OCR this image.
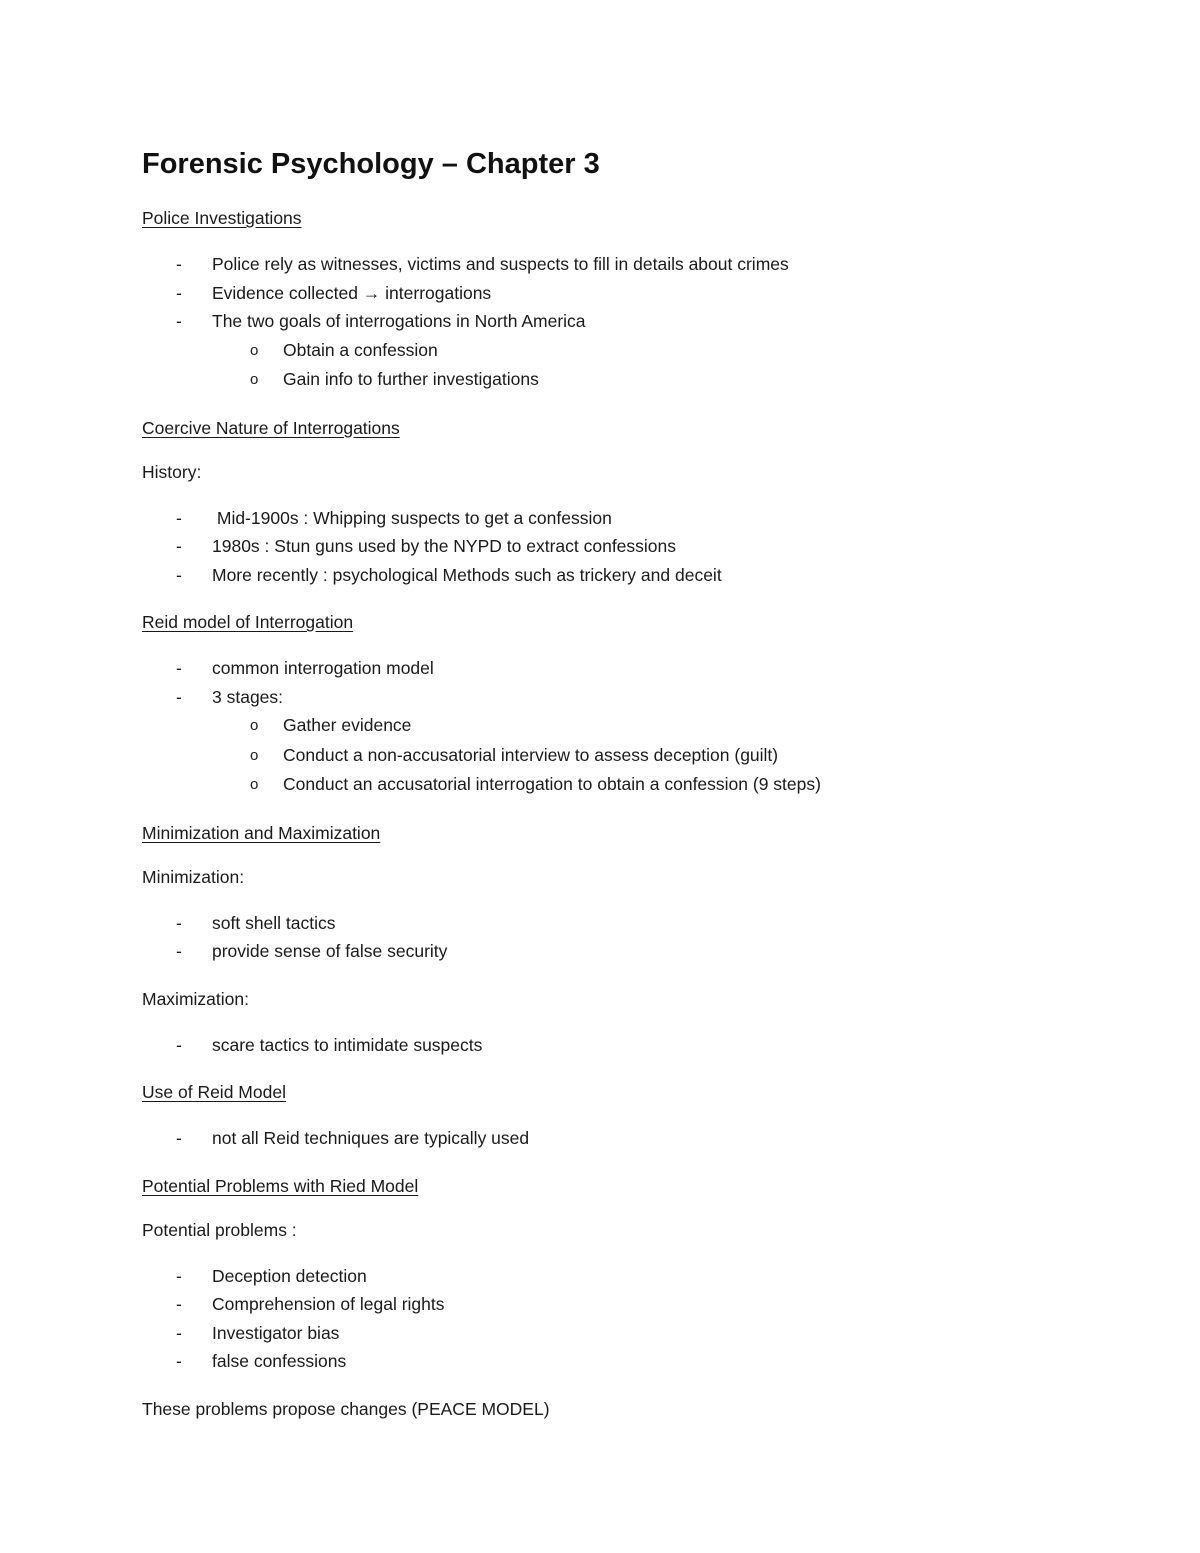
Forensic Psychology – Chapter 3
Police Investigations
- Police rely as witnesses, victims and suspects to fill in details about crimes
- Evidence collected → interrogations
- The two goals of interrogations in North America
o Obtain a confession
o Gain info to further investigations
Coercive Nature of Interrogations
History:
- Mid-1900s : Whipping suspects to get a confession
- 1980s : Stun guns used by the NYPD to extract confessions
- More recently : psychological Methods such as trickery and deceit
Reid model of Interrogation
- common interrogation model
- 3 stages:
o Gather evidence
o Conduct a non-accusatorial interview to assess deception (guilt)
o Conduct an accusatorial interrogation to obtain a confession (9 steps)
Minimization and Maximization
Minimization:
- soft shell tactics
- provide sense of false security
Maximization:
- scare tactics to intimidate suspects
Use of Reid Model
- not all Reid techniques are typically used
Potential Problems with Ried Model
Potential problems :
- Deception detection
- Comprehension of legal rights
- Investigator bias
- false confessions
These problems propose changes (PEACE MODEL)
